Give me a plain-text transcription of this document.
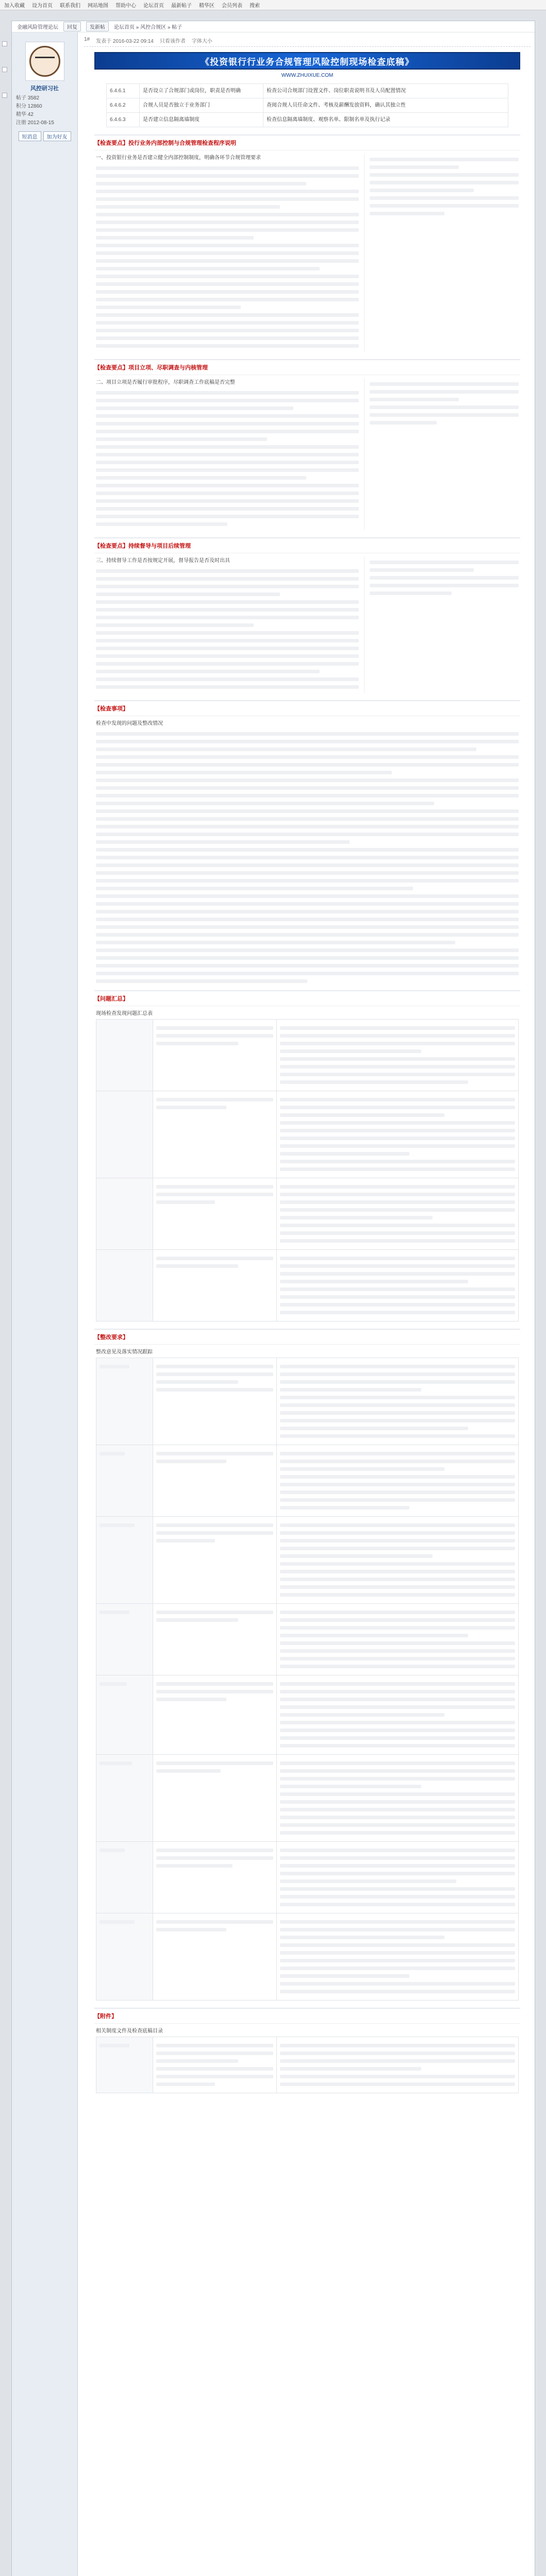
加入收藏 设为首页 联系我们 网站地图 帮助中心 论坛首页 最新帖子 精华区 会员列表 搜索
金融风险管理论坛	回复	发新帖	论坛首页 » 风控合规区 » 帖子
风控研习社
帖子 3582
积分 12860
精华 42
注册 2012-08-15
短消息	加为好友
1# 发表于 2016-03-22 09:14 只看该作者 字体大小
《投资银行行业务合规管理风险控制现场检查底稿》
WWW.ZHUIXUE.COM
6.4.6.1	是否设立了合规部门或岗位，职责是否明确	检查公司合规部门设置文件、岗位职责说明书及人员配置情况
6.4.6.2	合规人员是否独立于业务部门	查阅合规人员任命文件、考核及薪酬发放资料，确认其独立性
6.4.6.3	是否建立信息隔离墙制度	检查信息隔离墙制度、观察名单、限制名单及执行记录
【检查要点】投行业务内部控制与合规管理检查程序说明

一、投资银行业务是否建立健全内部控制制度，明确各环节合规管理要求

【检查要点】项目立项、尽职调查与内核管理

二、项目立项是否履行审批程序，尽职调查工作底稿是否完整

【检查要点】持续督导与项目后续管理

三、持续督导工作是否按规定开展，督导报告是否及时出具

【检查事项】

检查中发现的问题及整改情况

【问题汇总】

现场检查发现问题汇总表

【整改要求】

整改意见及落实情况跟踪

【附件】

相关制度文件及检查底稿目录
